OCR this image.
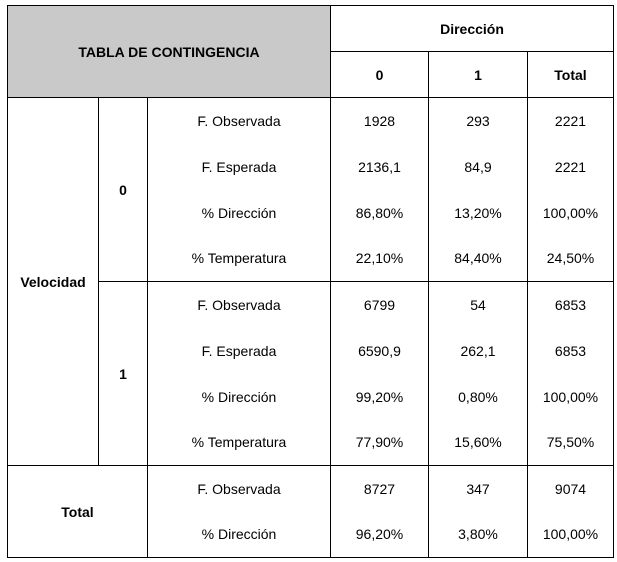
TABLA DE CONTINGENCIA			Dirección		
			0	1	Total
Velocidad	0	F. Observada	1928	293	2221
		F. Esperada	2136,1	84,9	2221
		% Dirección	86,80%	13,20%	100,00%
		% Temperatura	22,10%	84,40%	24,50%
	1	F. Observada	6799	54	6853
		F. Esperada	6590,9	262,1	6853
		% Dirección	99,20%	0,80%	100,00%
		% Temperatura	77,90%	15,60%	75,50%
Total		F. Observada	8727	347	9074
		% Dirección	96,20%	3,80%	100,00%
